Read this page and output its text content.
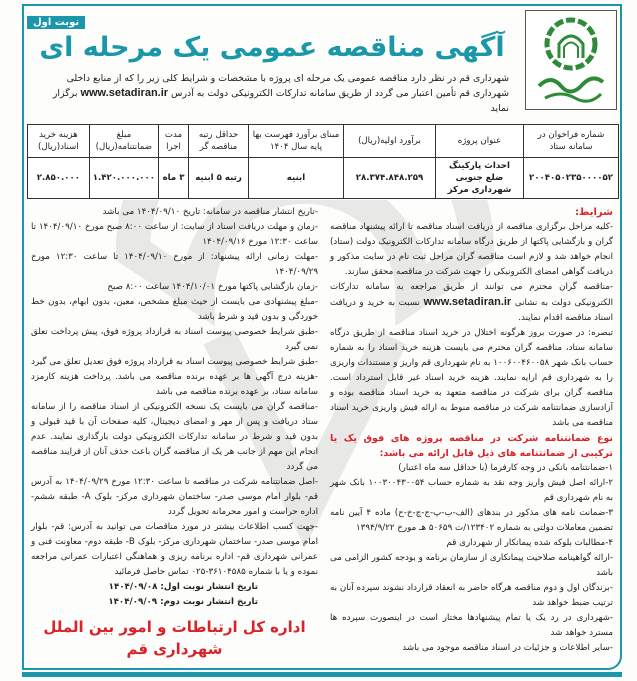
نوبت اول
آگهی مناقصه عمومی یک مرحله ای
شهرداری قم در نظر دارد مناقصه عمومی یک مرحله ای پروژه با مشخصات و شرایط کلی زیر را که از منابع داخلی شهرداری قم تأمین اعتبار می گردد از طریق سامانه تدارکات الکترونیکی دولت به آدرس www.setadiran.ir برگزار نماید
شماره فراخوان در سامانه ستاد	عنوان پروژه	برآورد اولیه(ریال)	مبنای برآورد فهرست بها پایه سال ۱۴۰۴	حداقل رتبه مناقصه گر	مدت اجرا	مبلغ ضمانتنامه(ریال)	هزینه خرید اسناد(ریال)
۲۰۰۴۰۵۰۲۳۵۰۰۰۰۵۲	احداث پارکینگ ضلع جنوبی شهرداری مرکز	۲۸.۳۷۴.۸۴۸.۲۵۹	ابنیه	رتبه ۵ ابنیه	۳ ماه	۱.۴۲۰.۰۰۰.۰۰۰	۲.۸۵۰.۰۰۰

شرایط:

-کلیه مراحل برگزاری مناقصه از دریافت اسناد مناقصه تا ارائه پیشنهاد مناقصه گران و بازگشایی پاکتها از طریق درگاه سامانه تدارکات الکترونیک دولت (ستاد) انجام خواهد شد و لازم است مناقصه گران مراحل ثبت نام در سایت مذکور و دریافت گواهی امضای الکترونیکی را جهت شرکت در مناقصه محقق سازند.

-مناقصه گران محترم می توانند از طریق مراجعه به سامانه تدارکات الکترونیکی دولت به نشانی www.setadiran.ir نسبت به خرید و دریافت اسناد مناقصه اقدام نمایند.

تبصره: در صورت بروز هرگونه اختلال در خرید اسناد مناقصه از طریق درگاه سامانه ستاد، مناقصه گران محترم می بایست هزینه خرید اسناد را به شماره حساب بانک شهر ۱۰۰۶۰۰۴۶۰۰۵۸ به نام شهرداری قم واریز و مستندات واریزی را به شهرداری قم ارایه نمایند. هزینه خرید اسناد غیر قابل استرداد است. مناقصه گران برای شرکت در مناقصه متعهد به خرید اسناد مناقصه بوده و آزادسازی ضمانتنامه شرکت در مناقصه منوط به ارائه فیش واریزی خرید اسناد مناقصه می باشد

نوع ضمانتنامه شرکت در مناقصه پروژه های فوق یک یا ترکیبی از ضمانتنامه های ذیل قابل ارائه می باشد:

۱-ضمانتنامه بانکی در وجه کارفرما (با حداقل سه ماه اعتبار)

۲-ارائه اصل فیش واریز وجه نقد به شماره حساب ۱۰۰۳۰۰۴۳۰۰۵۴ بانک شهر به نام شهرداری قم

۳-ضمانت نامه های مذکور در بندهای (الف-ب-پ-ج-چ-خ-ح) ماده ۴ آیین نامه تضمین معاملات دولتی به شماره ۱۲۳۴۰۲/ت ۵۰۶۵۹ هـ مورخ ۱۳۹۴/۹/۲۲

۴-مطالبات بلوکه شده پیمانکار از شهرداری قم

-ارائه گواهینامه صلاحیت پیمانکاری از سازمان برنامه و بودجه کشور الزامی می باشد

-برندگان اول و دوم مناقصه هرگاه حاضر به انعقاد قرارداد نشوند سپرده آنان به ترتیب ضبط خواهد شد

-شهرداری در رد یک یا تمام پیشنهادها مختار است در اینصورت سپرده ها مسترد خواهد شد

-سایر اطلاعات و جزئیات در اسناد مناقصه موجود می باشد

-تاریخ انتشار مناقصه در سامانه: تاریخ ۱۴۰۴/۰۹/۱۰ می باشد

-زمان و مهلت دریافت اسناد از سایت: از ساعت ۸:۰۰ صبح مورخ ۱۴۰۴/۰۹/۱۰ تا ساعت ۱۲:۳۰ مورخ ۱۴۰۴/۰۹/۱۶

-مهلت زمانی ارائه پیشنهاد: از مورخ ۱۴۰۴/۰۹/۱۰ تا ساعت ۱۲:۳۰ مورخ ۱۴۰۴/۰۹/۲۹

-زمان بازگشایی پاکتها مورخ ۱۴۰۴/۱۰/۰۱ ساعت ۸:۰۰ صبح

-مبلغ پیشنهادی می بایست از حیث مبلغ مشخص، معین، بدون ابهام، بدون خط خوردگی و بدون قید و شرط باشد

-طبق شرایط خصوصی پیوست اسناد به قرارداد پروژه فوق، پیش پرداخت تعلق نمی گیرد

-طبق شرایط خصوصی پیوست اسناد به قرارداد پروژه فوق تعدیل تعلق می گیرد

-هزینه درج آگهی ها بر عهده برنده مناقصه می باشد. پرداخت هزینه کارمزد سامانه ستاد، بر عهده برنده مناقصه می باشد

-مناقصه گران می بایست یک نسخه الکترونیکی از اسناد مناقصه را از سامانه ستاد دریافت و پس از مهر و امضای دیجیتال، کلیه صفحات آن با قید قبولی و بدون قید و شرط در سامانه تدارکات الکترونیکی دولت بارگذاری نمایند. عدم انجام این مهم از جانب هر یک از مناقصه گران باعث حذف آنان از فرایند مناقصه می گردد

-اصل ضمانتنامه شرکت در مناقصه تا ساعت ۱۲:۳۰ مورخ ۱۴۰۴/۰۹/۲۹ به آدرس قم- بلوار امام موسی صدر- ساختمان شهرداری مرکز- بلوک A- طبقه ششم- اداره حراست و امور محرمانه تحویل گردد

-جهت کسب اطلاعات بیشتر در مورد مناقصات می توانید به آدرس: قم- بلوار امام موسی صدر- ساختمان شهرداری مرکز- بلوک B- طبقه دوم- معاونت فنی و عمرانی شهرداری قم- اداره برنامه ریزی و هماهنگی اعتبارات عمرانی مراجعه نموده و یا با شماره ۳۶۱۰۴۵۸۵-۰۲۵ تماس حاصل فرمائید

تاریخ انتشار نوبت اول: ۱۴۰۴/۰۹/۰۸

تاریخ انتشار نوبت دوم: ۱۴۰۴/۰۹/۰۹

اداره کل ارتباطات و امور بین الملل شهرداری قم
